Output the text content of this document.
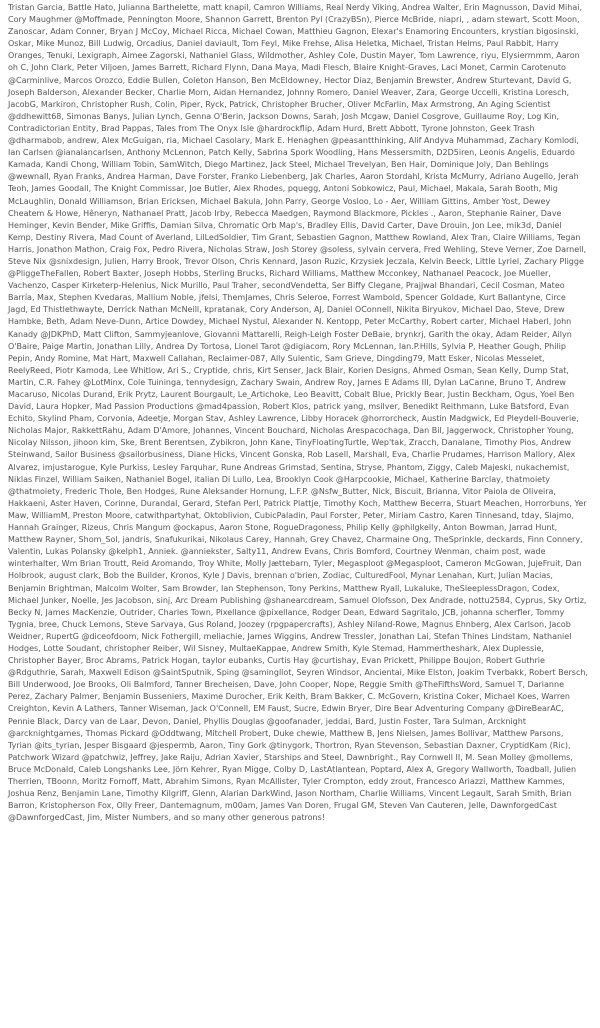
Tristan Garcia, Battle Hato, Julianna Barthelette, matt knapil, Camron Williams, Real Nerdy Viking, Andrea Walter, Erin Magnusson, David Mihai, Cory Maughmer @Moffmade, Pennington Moore, Shannon Garrett, Brenton Pyl (CrazyBSn), Pierce McBride, niapri, , adam stewart, Scott Moon, Zanoscar, Adam Conner, Bryan J McCoy, Michael Ricca, Michael Cowan, Matthieu Gagnon, Elexar's Enamoring Encounters, krystian bigosinski, Oskar, Mike Munoz, Bill Ludwig, Orcadius, Daniel daviault, Tom Feyl, Mike Frehse, Alisa Heletka, Michael, Tristan Helms, Paul Rabbit, Harry Oranges, Tenuki, Lexigraph, Aimee Zagorski, Nathaniel Glass, Wildmother, Ashley Cole, Dustin Mayer, Tom Lawrence, riyu, Elysiermmm, Aaron oh C, John Clark, Peter Viljoen, James Barrett, Richard Flynn, Dana Maya, Madi Flesch, Blaire Knight-Graves, Laci Monet, Carmin Carotenuto @Carminlive, Marcos Orozco, Eddie Bullen, Coleton Hanson, Ben McEldowney, Hector Diaz, Benjamin Brewster, Andrew Sturtevant, David G, Joseph Balderson, Alexander Becker, Charlie Morn, Aidan Hernandez, Johnny Romero, Daniel Weaver, Zara, George Uccelli, Kristina Loresch, JacobG, Markiron, Christopher Rush, Colin, Piper, Ryck, Patrick, Christopher Brucher, Oliver McFarlin, Max Armstrong, An Aging Scientist @ddhewitt68, Simonas Banys, Julian Lynch, Genna O'Berin, Jackson Downs, Sarah, Josh Mcgaw, Daniel Cosgrove, Guillaume Roy, Log Kin, Contradictorian Entity, Brad Pappas, Tales from The Onyx Isle @hardrockflip, Adam Hurd, Brett Abbott, Tyrone Johnston, Geek Trash @dharmabob, andrew, Alex McGuigan, ria, Michael Casolary, Mark E. Henaghen @peasantthinking, Alif Andyva Muhammad, Zachary Komlodi, Ian Carlsen @ianalancarlsen, Anthony McLennon, Patch Kelly, Sabrina Spork Woodling, Hans Messersmith, D2D5iren, Leonis Angelis, Eduardo Kamada, Kandi Chong, William Tobin, SamWitch, Diego Martinez, Jack Steel, Michael Trevelyan, Ben Hair, Dominique Joly, Dan Behlings @wewnall, Ryan Franks, Andrea Harman, Dave Forster, Franko Liebenberg, Jak Charles, Aaron Stordahl, Krista McMurry, Adriano Augello, Jerah Teoh, James Goodall, The Knight Commissar, Joe Butler, Alex Rhodes, pquegg, Antoni Sobkowicz, Paul, Michael, Makala, Sarah Booth, Mig McLaughlin, Donald Williamson, Brian Ericksen, Michael Bakula, John Parry, George Vosloo, Lo - Aer, William Gittins, Amber Yost, Dewey Cheatem & Howe, Hêneryn, Nathanael Pratt, Jacob Irby, Rebecca Maedgen, Raymond Blackmore, Pickles ., Aaron, Stephanie Rainer, Dave Heminger, Kevin Bender, Mike Griffis, Damian Silva, Chromatic Orb Map's, Bradley Ellis, David Carter, Dave Drouin, Jon Lee, mik3d, Daniel Kemp, Destiny Rivera, Mad Count of Averland, LilLedSoldier, Tim Grant, Sebastien Gagnon, Matthew Rowland, Alex Tran, Claire Williams, Tegan Harris, Jonathon Mathon, Craig Fox, Pedro Rivera, Nicholas Straw, Josh Storey @soless, sylvain cervera, Fred Wehling, Steve Verner, Zoe Darnell, Steve Nix @snixdesign, Julien, Harry Brook, Trevor Olson, Chris Kennard, Jason Ruzic, Krzysiek Jeczala, Kelvin Beeck, Little Lyriel, Zachary Pligge @PliggeTheFallen, Robert Baxter, Joseph Hobbs, Sterling Brucks, Richard Williams, Matthew Mcconkey, Nathanael Peacock, Joe Mueller, Vachenzo, Casper Kirketerp-Helenius, Nick Murillo, Paul Traher, secondVendetta, Ser Biffy Clegane, Prajjwal Bhandari, Cecil Cosman, Mateo Barría, Max, Stephen Kvedaras, Mallium Noble, jfelsi, ThemJames, Chris Seleroe, Forrest Wambold, Spencer Goldade, Kurt Ballantyne, Circe Jagd, Ed Thistlethwayte, Derrick Nathan McNeill, kpratanak, Cory Anderson, AJ, Daniel OConnell, Nikita Biryukov, Michael Dao, Steve, Drew Hambke, Beth, Adam Neve-Dunn, Artice Dowdey, Michael Nystul, Alexander N. Kentopp, Peter McCarthy, Robert carter, Michael Haberl, John Kanady @JDKPhD, Matt Clifton, Sammyjeanlove, Giovanni Mattarelli, Reigh-Leigh Foster DeBaie, brynkrj, Garith the okay, Adam Reider, Ailyn O'Baire, Paige Martin, Jonathan Lilly, Andrea Dy Tortosa, Lionel Tarot @digiacom, Rory McLennan, Ian.P.Hills, Sylvia P, Heather Gough, Philip Pepin, Andy Romine, Mat Hart, Maxwell Callahan, Reclaimer-087, Ally Sulentic, Sam Grieve, Dingding79, Matt Esker, Nicolas Messelet, ReelyReed, Piotr Kamoda, Lee Whitlow, Ari S., Cryptide, chris, Kirt Senser, Jack Blair, Korien Designs, Ahmed Osman, Sean Kelly, Dump Stat, Martin, C.R. Fahey @LotMinx, Cole Tuininga, tennydesign, Zachary Swain, Andrew Roy, James E Adams III, Dylan LaCanne, Bruno T, Andrew Macaruso, Nicolas Durand, Erik Prytz, Laurent Bourgault, Le_Artichoke, Leo Beavitt, Cobalt Blue, Prickly Bear, Justin Beckham, Ogus, Yoel Ben David, Laura Hopker, Mad Passion Productions @mad4passion, Robert Klos, patrick yang, msilver, Benedikt Reithmann, Luke Batsford, Evan Echito, Skylind Pham, Corvonia, Adeetje, Morgan Stav, Ashley Lawrence, Libby Horacek @horrorcheck, Austin Madgwick, Ed Pleydell-Bouverie, Nicholas Major, RakkettRahu, Adam D'Amore, Johannes, Vincent Bouchard, Nicholas Arespacochaga, Dan Bil, Jaggerwock, Christopher Young, Nicolay Nilsson, jihoon kim, Ske, Brent Berentsen, Zybikron, John Kane, TinyFloatingTurtle, Wep'tak, Zracch, Danalane, Timothy Pios, Andrew Steinwand, Sailor Business @sailorbusiness, Diane Hicks, Vincent Gonska, Rob Lasell, Marshall, Eva, Charlie Prudames, Harrison Mallory, Alex Alvarez, imjustarogue, Kyle Purkiss, Lesley Farquhar, Rune Andreas Grimstad, Sentina, Stryse, Phantom, Ziggy, Caleb Majeski, nukachemist, Niklas Finzel, William Saiken, Nathaniel Bogel, italian Di Lullo, Lea, Brooklyn Cook @Harpcookie, Michael, Katherine Barclay, thatmoiety @thatmoiety, Frederic Thole, Ben Hodges, Rune Aleksander Hornung, L.F.P. @Nsfw_Butter, Nick, Biscuit, Brianna, Vitor Paiola de Oliveira, Hakkaeni, Aster Haven, Corinne, Durandal, Gerard, Stefan Perl, Patrick Plattje, Timothy Koch, Matthew Becerra, Stuart Meachen, Horrorbuns, Yer Maw, WilliamM, Preston Moore, catwithpartyhat, Oktoblivion, CubicPaladin, Paul Forster, Peter, Miriam Castro, Karen Tinnesand, tday, Slajmo, Hannah Grainger, Rizeus, Chris Mangum @ockapus, Aaron Stone, RogueDragoness, Philip Kelly @philgkelly, Anton Bowman, Jarrad Hunt, Matthew Rayner, Shom_Sol, jandris, Snafukurikai, Nikolaus Carey, Hannah, Grey Chavez, Charmaine Ong, TheSprinkle, deckards, Finn Connery, Valentin, Lukas Polansky @kelph1, Anniek. @anniekster, Salty11, Andrew Evans, Chris Bomford, Courtney Wenman, chaim post, wade winterhalter, Wm Brian Troutt, Reid Aromando, Troy White, Molly Jættebarn, Tyler, Megasploot @Megasploot, Cameron McGowan, JujeFruit, Dan Holbrook, august clark, Bob the Builder, Kronos, Kyle J Davis, brennan o'brien, Zodiac, CulturedFool, Mynar Lenahan, Kurt, Julian Macias, Benjamin Brightman, Malcolm Wolter, Sam Browder, Ian Stephenson, Tony Perkins, Matthew Ryall, Lukaluke, TheSleeplessDragon, Codex, Michael Junker, Noelle, Jes Jacobson, sinj, Arc Dream Publishing @shanearcdream, Samuel Olofsson, Dex Andrade, nottu2584, Cyprus, Sky Ortiz, Becky N, James MacKenzie, Outrider, Charles Town, Pixellance @pixellance, Rodger Dean, Edward Sagritalo, JCB, johanna scherfler, Tommy Tygnia, bree, Chuck Lemons, Steve Sarvaya, Gus Roland, Joozey (rpgpapercrafts), Ashley Niland-Rowe, Magnus Ehnberg, Alex Carlson, Jacob Weidner, RupertG @diceofdoom, Nick Fothergill, meliachie, James Wiggins, Andrew Tressler, Jonathan Lai, Stefan Thines Lindstam, Nathaniel Hodges, Lotte Soudant, christopher Reiber, Wil Sisney, MultaeKappae, Andrew Smith, Kyle Stemad, Hammertheshark, Alex Duplessie, Christopher Bayer, Broc Abrams, Patrick Hogan, taylor eubanks, Curtis Hay @curtishay, Evan Prickett, Philippe Boujon, Robert Guthrie @Rdguthrie, Sarah, Maxwell Edison @SaintSputnik, Sping @samingllot, Seyren Windsor, Ancientai, Mike Elston, Joakim Tverbakk, Robert Bersch, Bill Underwood, Joe Brooks, Oli Balmford, Tanner Brecheisen, Dave, John Cooper, Nope, Reggie Smith @TheFifthsWord, Samuel T, Darianne Perez, Zachary Palmer, Benjamin Busseniers, Maxime Durocher, Erik Keith, Bram Bakker, C. McGovern, Kristina Coker, Michael Koes, Warren Creighton, Kevin A Lathers, Tanner Wiseman, Jack O'Connell, EM Faust, Sucre, Edwin Bryer, Dire Bear Adventuring Company @DireBearAC, Pennie Black, Darcy van de Laar, Devon, Daniel, Phyllis Douglas @goofanader, jeddai, Bard, Justin Foster, Tara Sulman, Arcknight @arcknightgames, Thomas Pickard @Oddtwang, Mitchell Probert, Duke chewie, Matthew B, Jens Nielsen, James Bollivar, Matthew Parsons, Tyrian @its_tyrian, Jesper Bisgaard @jespermb, Aaron, Tiny Gork @tinygork, Thortron, Ryan Stevenson, Sebastian Daxner, CryptidKam (Ric), Patchwork Wizard @patchwiz, Jeffrey, Jake Raiju, Adrian Xavier, Starships and Steel, Dawnbright., Ray Cornwell II, M. Sean Molley @mollems, Bruce McDonald, Caleb Longshanks Lee, Jörn Kehrer, Ryan Migge, Colby D, LastAtlantean, Poptard, Alex A, Gregory Wallworth, Toadball, Julien Therrien, TBoonn, Moritz Fornoff, Matt, Abrahim Simons, Ryan McAllister, Tyler Crompton, eddy zrout, Francesco Ariazzi, Matthew Kammes, Joshua Renz, Benjamin Lane, Timothy Kilgriff, Glenn, Alarian DarkWind, Jason Northam, Charlie Williams, Vincent Legault, Sarah Smith, Brian Barron, Kristopherson Fox, Olly Freer, Dantemagnum, m00am, James Van Doren, Frugal GM, Steven Van Cauteren, Jelle, DawnforgedCast @DawnforgedCast, Jim, Mister Numbers, and so many other generous patrons!
